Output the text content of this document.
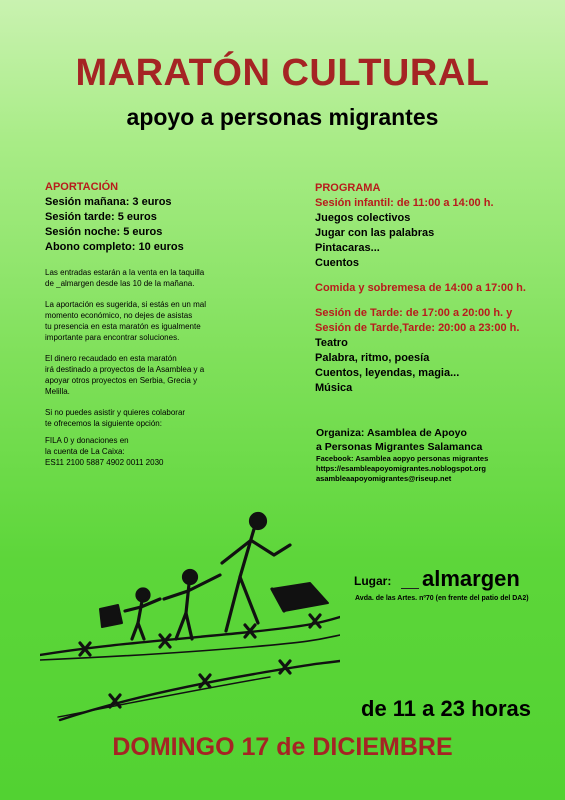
MARATÓN CULTURAL
apoyo a personas migrantes

APORTACIÓN

Sesión mañana: 3 euros

Sesión tarde: 5 euros

Sesión noche: 5 euros

Abono completo: 10 euros

Las entradas estarán a la venta en la taquilla

de _almargen desde las 10 de la mañana.

La aportación es sugerida, si estás en un mal

momento económico, no dejes de asistas

tu presencia en esta maratón es igualmente

importante para encontrar soluciones.

El dinero recaudado en esta maratón

irá destinado a proyectos de la Asamblea y a

apoyar otros proyectos en Serbia, Grecia y

Melilla.

Si no puedes asistir y quieres colaborar

te ofrecemos la siguiente opción:

FILA 0 y donaciones en

la cuenta de La Caixa:

ES11 2100 5887 4902 0011 2030

PROGRAMA

Sesión infantil: de 11:00 a 14:00 h.

Juegos colectivos

Jugar con las palabras

Pintacaras...

Cuentos

Comida y sobremesa de 14:00 a 17:00 h.

Sesión de Tarde: de 17:00 a 20:00 h. y

Sesión de Tarde,Tarde: 20:00 a 23:00 h.

Teatro

Palabra, ritmo, poesía

Cuentos, leyendas, magia...

Música

Organiza: Asamblea de Apoyo

a Personas Migrantes Salamanca

Facebook: Asamblea aopyo personas migrantes

https://esambleapoyomigrantes.noblogspot.org

asambleaapoyomigrantes@riseup.net

Lugar:	almargen
Avda. de las Artes. nº70 (en frente del patio del DA2)
de 11 a 23 horas
DOMINGO 17 de DICIEMBRE
